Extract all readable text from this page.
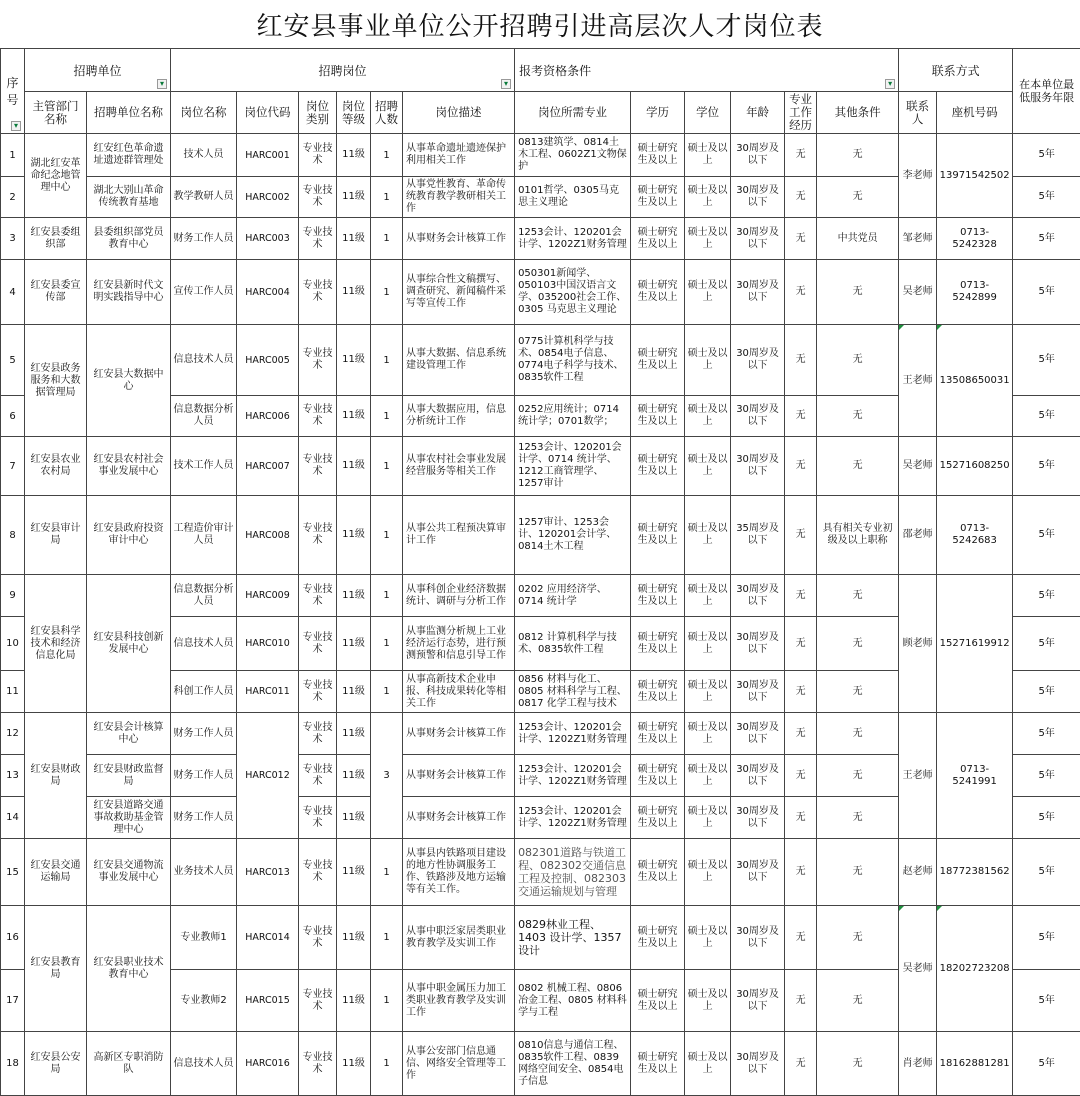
红安县事业单位公开招聘引进高层次人才岗位表
序号
▾	招聘单位
▾		招聘岗位
▾						报考资格条件
▾						联系方式		在本单位最低服务年限
	主管部门名称	招聘单位名称	岗位名称	岗位代码	岗位类别	岗位等级	招聘人数	岗位描述	岗位所需专业	学历	学位	年龄	专业工作经历	其他条件	联系人	座机号码	
1	湖北红安革命纪念地管理中心	红安红色革命遗址遗迹群管理处	技术人员	HARC001	专业技术	11级	1	从事革命遗址遗迹保护利用相关工作	0813建筑学、0814土木工程、0602Z1文物保护	硕士研究生及以上	硕士及以上	30周岁及以下	无	无	李老师	13971542502	5年
2		湖北大别山革命传统教育基地	教学教研人员	HARC002	专业技术	11级	1	从事党性教育、革命传统教育教学教研相关工作	0101哲学、0305马克思主义理论	硕士研究生及以上	硕士及以上	30周岁及以下	无	无			5年
3	红安县委组织部	县委组织部党员教育中心	财务工作人员	HARC003	专业技术	11级	1	从事财务会计核算工作	1253会计、120201会计学、1202Z1财务管理	硕士研究生及以上	硕士及以上	30周岁及以下	无	中共党员	邹老师	0713-5242328	5年
4	红安县委宣传部	红安县新时代文明实践指导中心	宣传工作人员	HARC004	专业技术	11级	1	从事综合性文稿撰写、调查研究、新闻稿件采写等宣传工作	050301新闻学、050103中国汉语言文学、035200社会工作、0305 马克思主义理论	硕士研究生及以上	硕士及以上	30周岁及以下	无	无	吴老师	0713-5242899	5年
5	红安县政务服务和大数据管理局	红安县大数据中心	信息技术人员	HARC005	专业技术	11级	1	从事大数据、信息系统建设管理工作	0775计算机科学与技术、0854电子信息、0774电子科学与技术、0835软件工程	硕士研究生及以上	硕士及以上	30周岁及以下	无	无	王老师	13508650031	5年
6			信息数据分析人员	HARC006	专业技术	11级	1	从事大数据应用，信息分析统计工作	0252应用统计；0714统计学；0701数学；	硕士研究生及以上	硕士及以上	30周岁及以下	无	无			5年
7	红安县农业农村局	红安县农村社会事业发展中心	技术工作人员	HARC007	专业技术	11级	1	从事农村社会事业发展经营服务等相关工作	1253会计、120201会计学、0714 统计学、1212工商管理学、1257审计	硕士研究生及以上	硕士及以上	30周岁及以下	无	无	吴老师	15271608250	5年
8	红安县审计局	红安县政府投资审计中心	工程造价审计人员	HARC008	专业技术	11级	1	从事公共工程预决算审计工作	1257审计、1253会计、120201会计学、0814土木工程	硕士研究生及以上	硕士及以上	35周岁及以下	无	具有相关专业初级及以上职称	邵老师	0713-5242683	5年
9	红安县科学技术和经济信息化局	红安县科技创新发展中心	信息数据分析人员	HARC009	专业技术	11级	1	从事科创企业经济数据统计、调研与分析工作	0202 应用经济学、0714 统计学	硕士研究生及以上	硕士及以上	30周岁及以下	无	无	顾老师	15271619912	5年
10			信息技术人员	HARC010	专业技术	11级	1	从事监测分析规上工业经济运行态势，进行预测预警和信息引导工作	0812 计算机科学与技术、0835软件工程	硕士研究生及以上	硕士及以上	30周岁及以下	无	无			5年
11			科创工作人员	HARC011	专业技术	11级	1	从事高新技术企业申报、科技成果转化等相关工作	0856 材料与化工、0805 材料科学与工程、0817 化学工程与技术	硕士研究生及以上	硕士及以上	30周岁及以下	无	无			5年
12	红安县财政局	红安县会计核算中心	财务工作人员	HARC012	专业技术	11级	3	从事财务会计核算工作	1253会计、120201会计学、1202Z1财务管理	硕士研究生及以上	硕士及以上	30周岁及以下	无	无	王老师	0713-5241991	5年
13		红安县财政监督局	财务工作人员		专业技术	11级		从事财务会计核算工作	1253会计、120201会计学、1202Z1财务管理	硕士研究生及以上	硕士及以上	30周岁及以下	无	无			5年
14		红安县道路交通事故救助基金管理中心	财务工作人员		专业技术	11级		从事财务会计核算工作	1253会计、120201会计学、1202Z1财务管理	硕士研究生及以上	硕士及以上	30周岁及以下	无	无			5年
15	红安县交通运输局	红安县交通物流事业发展中心	业务技术人员	HARC013	专业技术	11级	1	从事县内铁路项目建设的地方性协调服务工作、铁路涉及地方运输等有关工作。	082301道路与铁道工程、082302交通信息工程及控制、082303交通运输规划与管理	硕士研究生及以上	硕士及以上	30周岁及以下	无	无	赵老师	18772381562	5年
16	红安县教育局	红安县职业技术教育中心	专业教师1	HARC014	专业技术	11级	1	从事中职泛家居类职业教育教学及实训工作	0829林业工程、1403 设计学、1357设计	硕士研究生及以上	硕士及以上	30周岁及以下	无	无	吴老师	18202723208	5年
17			专业教师2	HARC015	专业技术	11级	1	从事中职金属压力加工类职业教育教学及实训工作	0802 机械工程、0806 冶金工程、0805 材料科学与工程	硕士研究生及以上	硕士及以上	30周岁及以下	无	无			5年
18	红安县公安局	高新区专职消防队	信息技术人员	HARC016	专业技术	11级	1	从事公安部门信息通信、网络安全管理等工作	0810信息与通信工程、0835软件工程、0839网络空间安全、0854电子信息	硕士研究生及以上	硕士及以上	30周岁及以下	无	无	肖老师	18162881281	5年
